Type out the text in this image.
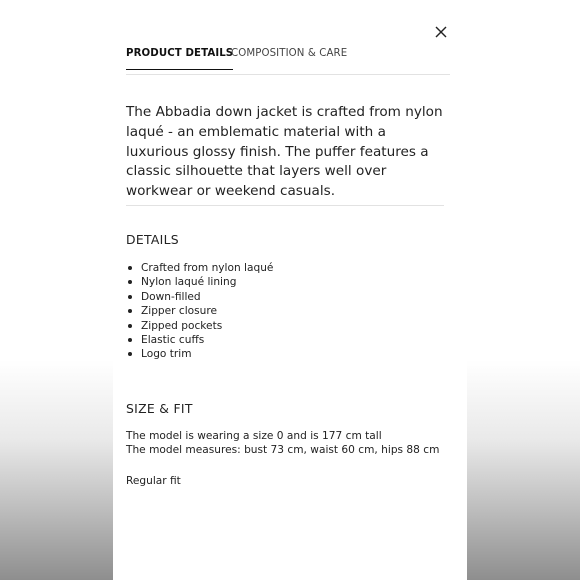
PRODUCT DETAILS
COMPOSITION & CARE

The Abbadia down jacket is crafted from nylon laqué - an emblematic material with a luxurious glossy finish. The puffer features a classic silhouette that layers well over workwear or weekend casuals.

DETAILS
Crafted from nylon laqué
Nylon laqué lining
Down-filled
Zipper closure
Zipped pockets
Elastic cuffs
Logo trim
SIZE & FIT

The model is wearing a size 0 and is 177 cm tall

The model measures: bust 73 cm, waist 60 cm, hips 88 cm

Regular fit
